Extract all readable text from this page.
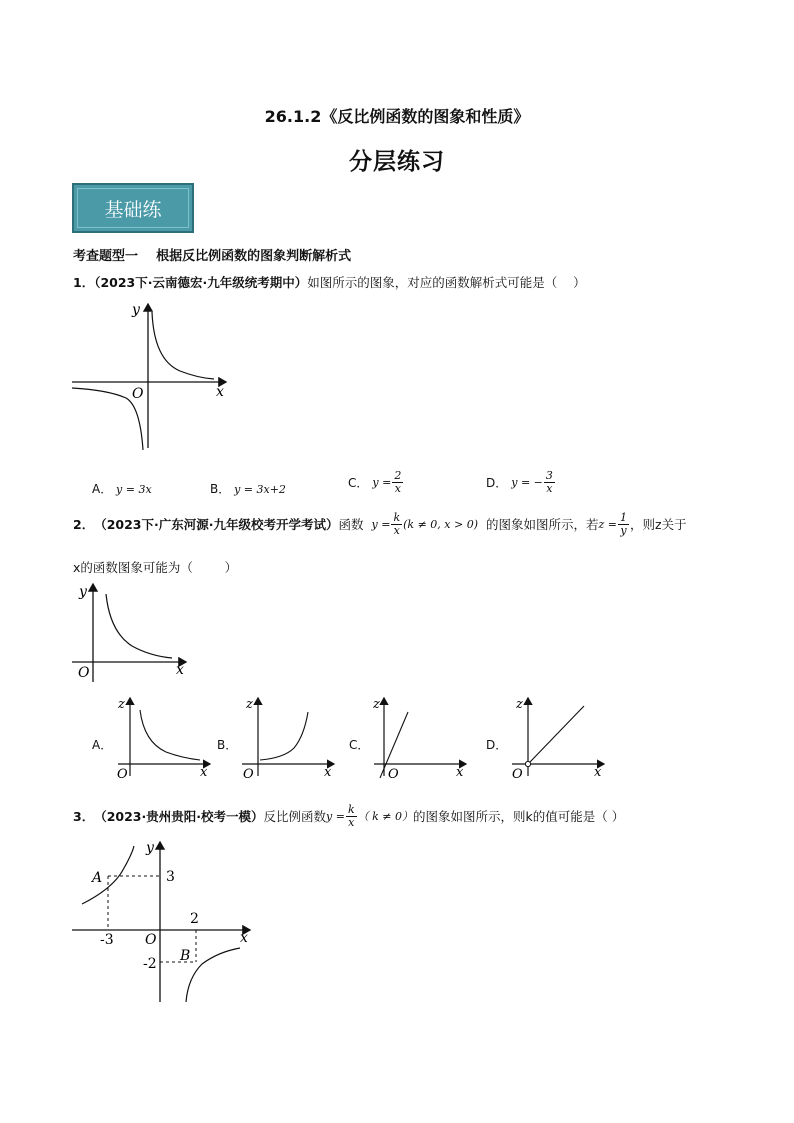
26.1.2《反比例函数的图象和性质》
分层练习
基础练
考查题型一    根据反比例函数的图象判断解析式
1．（2023下·云南德宏·九年级统考期中）如图所示的图象，对应的函数解析式可能是（    ）
y
x
O
A． y = 3x	B． y = 3x+2	C． $y = \frac{2}{x}$	D． y = − $\frac{3}{x}$
2． （2023下·广东河源·九年级校考开学考试） 函数 $y = \frac{k}{x} (k \ne 0$, x > 0) 的图象如图所示，若 $z = \frac{1}{y}$ ，则z关于
x的函数图象可能为（        ）
y
x
O
A．
z
x
O
B．
z
x
O
C．
z
x
O
D．
z
x
O
3． （2023·贵州贵阳·校考一模） 反比例函数 $y = \frac{k}{x}$ （ k ≠ 0） 的图象如图所示，则k的值可能是（ ）
y
x
O
A
B
3
-3
2
-2
